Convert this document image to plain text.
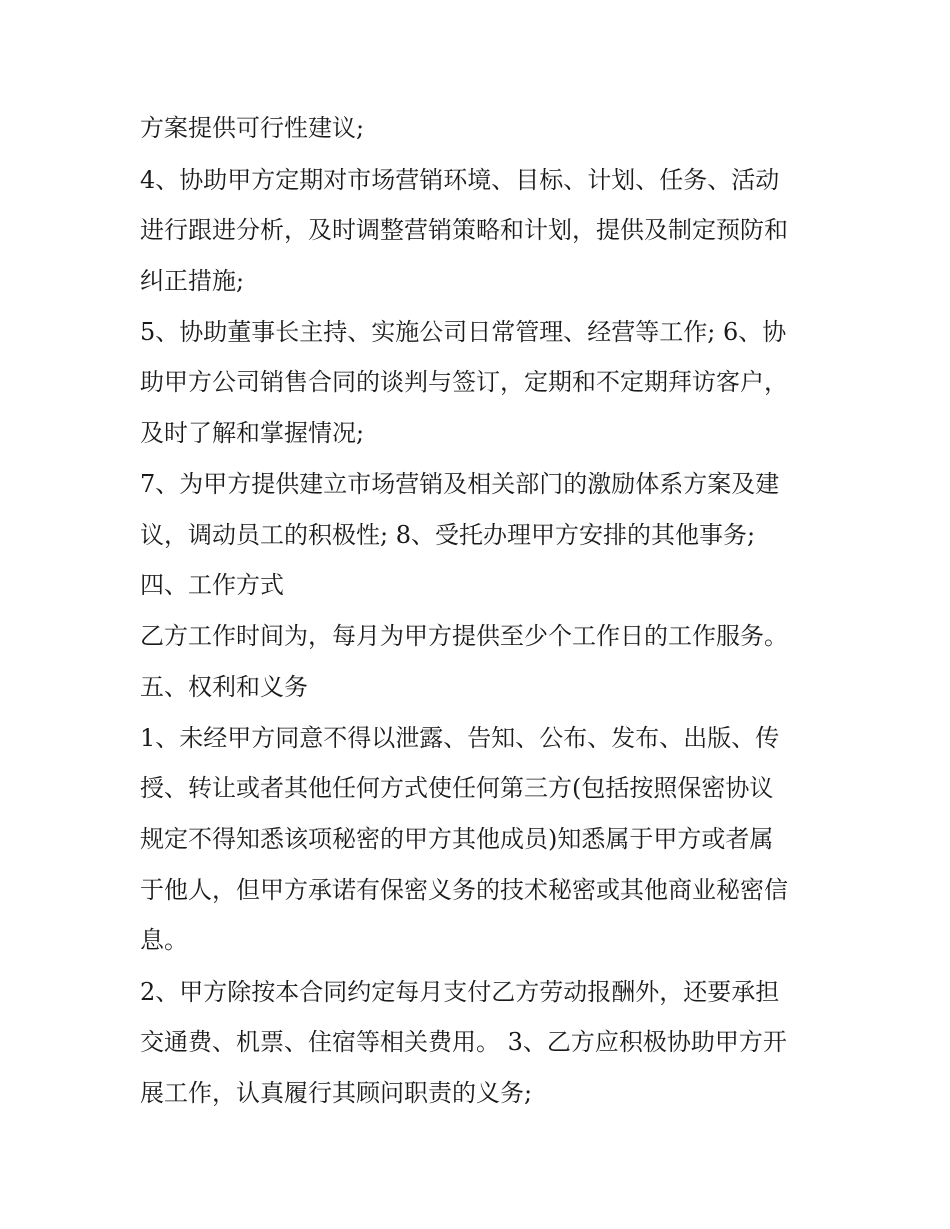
方案提供可行性建议;
4、协助甲方定期对市场营销环境、目标、计划、任务、活动
进行跟进分析，及时调整营销策略和计划，提供及制定预防和
纠正措施;
5、协助董事长主持、实施公司日常管理、经营等工作; 6、协
助甲方公司销售合同的谈判与签订，定期和不定期拜访客户，
及时了解和掌握情况;
7、为甲方提供建立市场营销及相关部门的激励体系方案及建
议，调动员工的积极性; 8、受托办理甲方安排的其他事务;
四、工作方式
乙方工作时间为，每月为甲方提供至少个工作日的工作服务。
五、权利和义务
1、未经甲方同意不得以泄露、告知、公布、发布、出版、传
授、转让或者其他任何方式使任何第三方(包括按照保密协议
规定不得知悉该项秘密的甲方其他成员)知悉属于甲方或者属
于他人，但甲方承诺有保密义务的技术秘密或其他商业秘密信
息。
2、甲方除按本合同约定每月支付乙方劳动报酬外，还要承担
交通费、机票、住宿等相关费用。 3、乙方应积极协助甲方开
展工作，认真履行其顾问职责的义务;
